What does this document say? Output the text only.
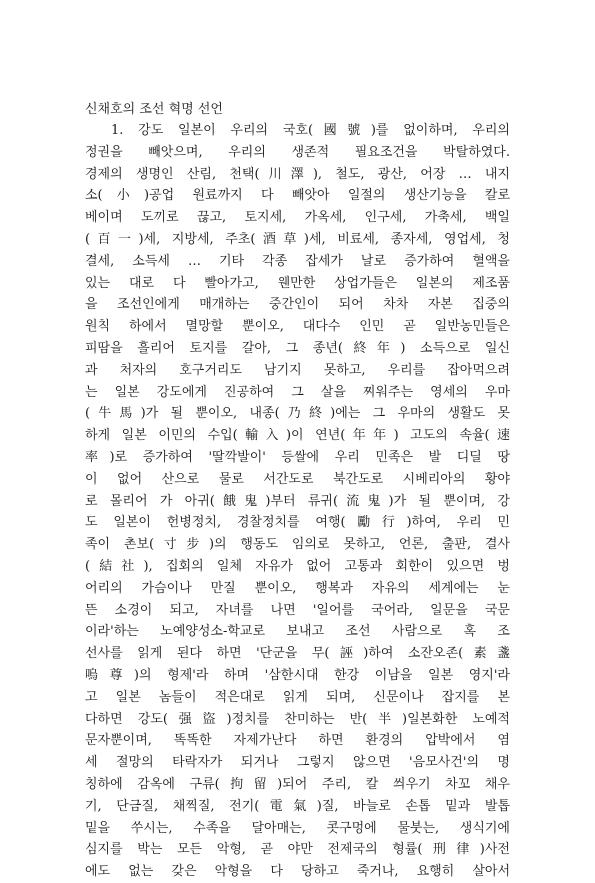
신채호의 조선 혁명 선언
1. 강도 일본이 우리의 국호(國號)를 없이하며, 우리의
정권을 빼앗으며, 우리의 생존적 필요조건을 박탈하였다.
경제의 생명인 산림, 천택(川澤), 철도, 광산, 어장 … 내지
소(小)공업 원료까지 다 빼앗아 일절의 생산기능을 칼로
베이며 도끼로 끊고, 토지세, 가옥세, 인구세, 가축세, 백일
(百一)세, 지방세, 주초(酒草)세, 비료세, 종자세, 영업세, 청
결세, 소득세 … 기타 각종 잡세가 날로 증가하여 혈액을
있는 대로 다 빨아가고, 웬만한 상업가들은 일본의 제조품
을 조선인에게 매개하는 중간인이 되어 차차 자본 집중의
원칙 하에서 멸망할 뿐이오, 대다수 인민 곧 일반농민들은
피땀을 흘리어 토지를 갈아, 그 종년(終年) 소득으로 일신
과 처자의 호구거리도 남기지 못하고, 우리를 잡아먹으려
는 일본 강도에게 진공하여 그 살을 찌워주는 영세의 우마
(牛馬)가 될 뿐이오, 내종(乃終)에는 그 우마의 생활도 못
하게 일본 이민의 수입(輸入)이 연년(年年) 고도의 속율(速
率)로 증가하여 '딸깍발이' 등쌀에 우리 민족은 발 디딜 땅
이 없어 산으로 물로 서간도로 북간도로 시베리아의 황야
로 몰리어 가 아귀(餓鬼)부터 류귀(流鬼)가 될 뿐이며, 강
도 일본이 헌병정치, 경찰정치를 여행(勵行)하여, 우리 민
족이 촌보(寸步)의 행동도 임의로 못하고, 언론, 출판, 결사
(結社), 집회의 일체 자유가 없어 고통과 회한이 있으면 벙
어리의 가슴이나 만질 뿐이오, 행복과 자유의 세계에는 눈
뜬 소경이 되고, 자녀를 나면 '일어를 국어라, 일문을 국문
이라'하는 노예양성소-학교로 보내고 조선 사람으로 혹 조
선사를 읽게 된다 하면 '단군을 무(誣)하여 소잔오존(素盞
嗚尊)의 형제'라 하며 '삼한시대 한강 이남을 일본 영지'라
고 일본 놈들이 적은대로 읽게 되며, 신문이나 잡지를 본
다하면 강도(强盜)정치를 찬미하는 반(半)일본화한 노예적
문자뿐이며, 똑똑한 자제가난다 하면 환경의 압박에서 염
세 절망의 타락자가 되거나 그렇지 않으면 '음모사건'의 명
칭하에 감옥에 구류(拘留)되어 주리, 칼 씌우기 차꼬 채우
기, 단금질, 채찍질, 전기(電氣)질, 바늘로 손톱 밑과 발톱
밑을 쑤시는, 수족을 달아매는, 콧구멍에 물붓는, 생식기에
심지를 박는 모든 악형, 곧 야만 전제국의 형률(刑律)사전
에도 없는 갖은 악형을 다 당하고 죽거나, 요행히 살아서
